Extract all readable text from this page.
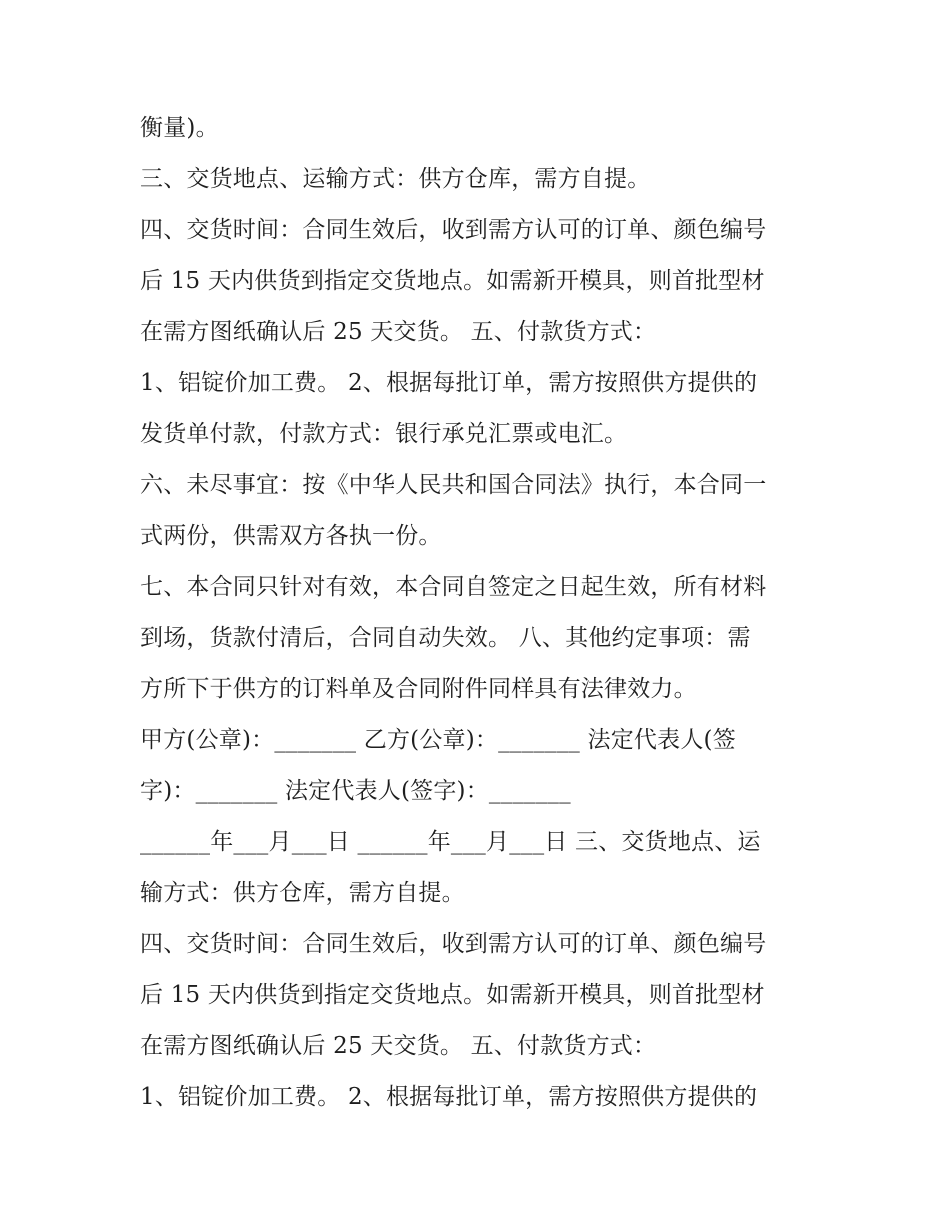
衡量)。
三、交货地点、运输方式：供方仓库，需方自提。
四、交货时间：合同生效后，收到需方认可的订单、颜色编号
后 15 天内供货到指定交货地点。如需新开模具，则首批型材
在需方图纸确认后 25 天交货。 五、付款货方式：
1、铝锭价加工费。 2、根据每批订单，需方按照供方提供的
发货单付款，付款方式：银行承兑汇票或电汇。
六、未尽事宜：按《中华人民共和国合同法》执行，本合同一
式两份，供需双方各执一份。
七、本合同只针对有效，本合同自签定之日起生效，所有材料
到场，货款付清后，合同自动失效。 八、其他约定事项：需
方所下于供方的订料单及合同附件同样具有法律效力。
甲方(公章)：_______ 乙方(公章)：_______ 法定代表人(签
字)：_______ 法定代表人(签字)：_______
______年___月___日 ______年___月___日 三、交货地点、运
输方式：供方仓库，需方自提。
四、交货时间：合同生效后，收到需方认可的订单、颜色编号
后 15 天内供货到指定交货地点。如需新开模具，则首批型材
在需方图纸确认后 25 天交货。 五、付款货方式：
1、铝锭价加工费。 2、根据每批订单，需方按照供方提供的
